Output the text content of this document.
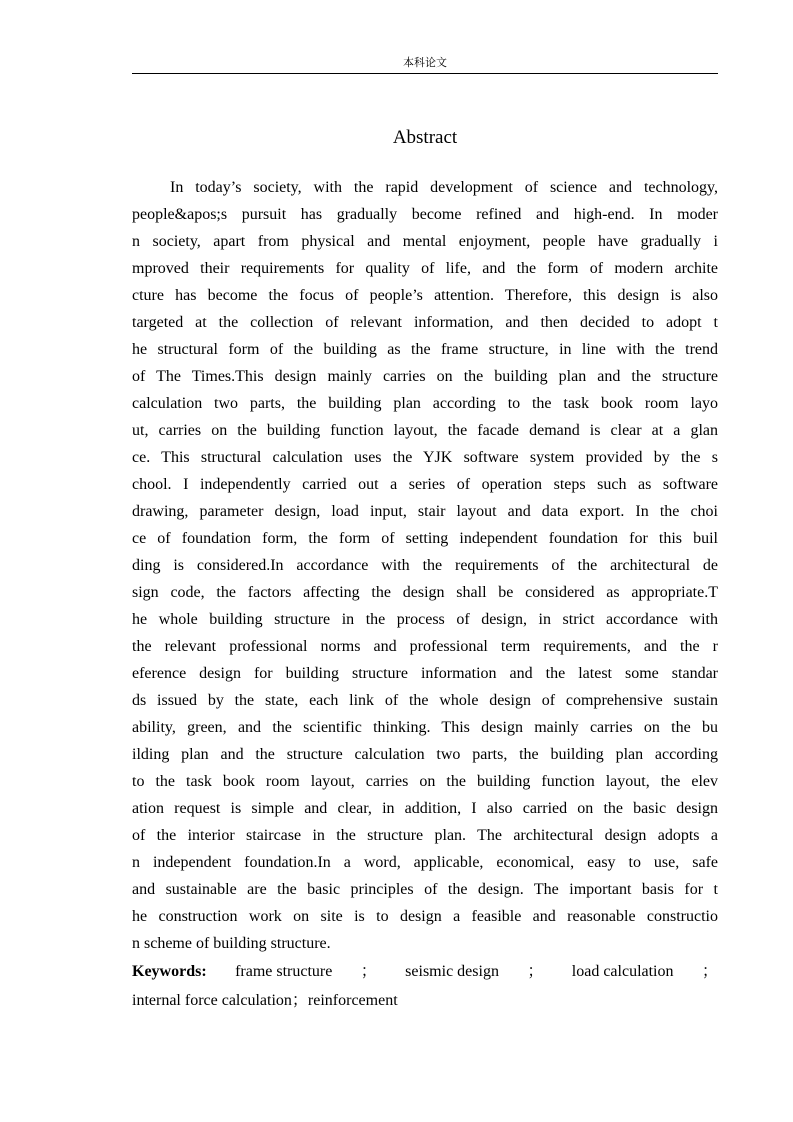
本科论文
Abstract
In today’s society, with the rapid development of science and technology,
people&apos;s pursuit has gradually become refined and high-end. In moder
n society, apart from physical and mental enjoyment, people have gradually i
mproved their requirements for quality of life, and the form of modern archite
cture has become the focus of people’s attention. Therefore, this design is also
targeted at the collection of relevant information, and then decided to adopt t
he structural form of the building as the frame structure, in line with the trend
of The Times.This design mainly carries on the building plan and the structure
calculation two parts, the building plan according to the task book room layo
ut, carries on the building function layout, the facade demand is clear at a glan
ce. This structural calculation uses the YJK software system provided by the s
chool. I independently carried out a series of operation steps such as software
drawing, parameter design, load input, stair layout and data export. In the choi
ce of foundation form, the form of setting independent foundation for this buil
ding is considered.In accordance with the requirements of the architectural de
sign code, the factors affecting the design shall be considered as appropriate.T
he whole building structure in the process of design, in strict accordance with
the relevant professional norms and professional term requirements, and the r
eference design for building structure information and the latest some standar
ds issued by the state, each link of the whole design of comprehensive sustain
ability, green, and the scientific thinking. This design mainly carries on the bu
ilding plan and the structure calculation two parts, the building plan according
to the task book room layout, carries on the building function layout, the elev
ation request is simple and clear, in addition, I also carried on the basic design
of the interior staircase in the structure plan. The architectural design adopts a
n independent foundation.In a word, applicable, economical, easy to use, safe
and sustainable are the basic principles of the design. The important basis for t
he construction work on site is to design a feasible and reasonable constructio
n scheme of building structure.
Keywords: frame structure ； seismic design ； load calculation ；
internal force calculation；reinforcement
